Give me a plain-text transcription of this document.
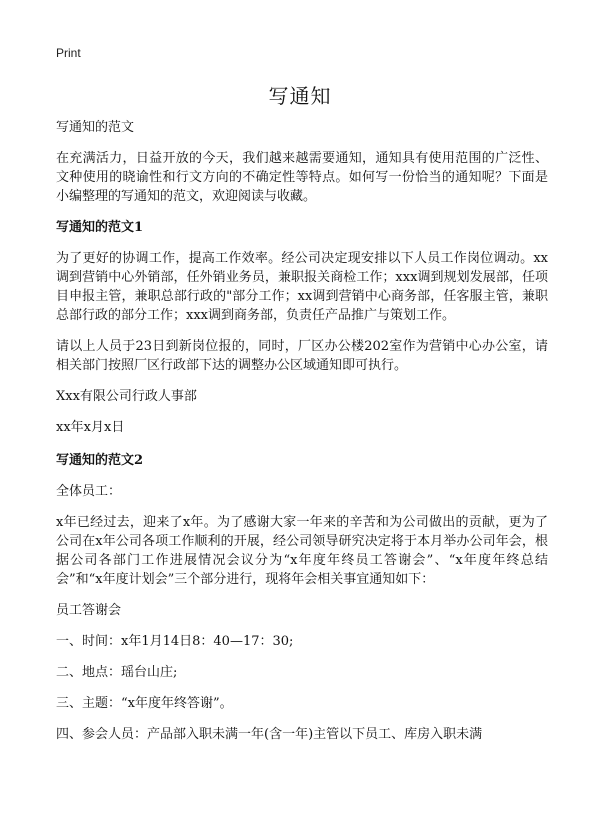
Print
写通知

写通知的范文

在充满活力，日益开放的今天，我们越来越需要通知，通知具有使用范围的广泛性、文种使用的晓谕性和行文方向的不确定性等特点。如何写一份恰当的通知呢？下面是小编整理的写通知的范文，欢迎阅读与收藏。

写通知的范文1

为了更好的协调工作，提高工作效率。经公司决定现安排以下人员工作岗位调动。xx调到营销中心外销部，任外销业务员，兼职报关商检工作；xxx调到规划发展部，任项目申报主管，兼职总部行政的"部分工作；xx调到营销中心商务部，任客服主管，兼职总部行政的部分工作；xxx调到商务部，负责任产品推广与策划工作。

请以上人员于23日到新岗位报的，同时，厂区办公楼202室作为营销中心办公室，请相关部门按照厂区行政部下达的调整办公区域通知即可执行。

Xxx有限公司行政人事部

xx年x月x日

写通知的范文2

全体员工：

x年已经过去，迎来了x年。为了感谢大家一年来的辛苦和为公司做出的贡献，更为了公司在x年公司各项工作顺利的开展，经公司领导研究决定将于本月举办公司年会，根据公司各部门工作进展情况会议分为“x年度年终员工答谢会”、“x年度年终总结会”和“x年度计划会”三个部分进行，现将年会相关事宜通知如下：

员工答谢会

一、时间：x年1月14日8：40—17：30;

二、地点：瑶台山庄;

三、主题：“x年度年终答谢”。

四、参会人员：产品部入职未满一年(含一年)主管以下员工、库房入职未满
